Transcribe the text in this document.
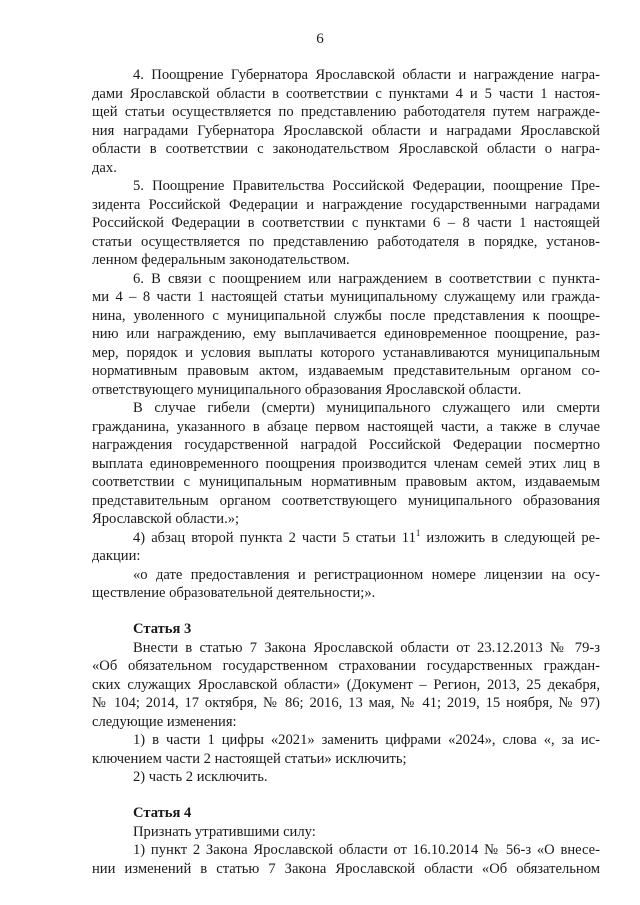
6
4. Поощрение Губернатора Ярославской области и награждение награ-
дами Ярославской области в соответствии с пунктами 4 и 5 части 1 настоя-
щей статьи осуществляется по представлению работодателя путем награжде-
ния наградами Губернатора Ярославской области и наградами Ярославской
области в соответствии с законодательством Ярославской области о награ-
дах.
5. Поощрение Правительства Российской Федерации, поощрение Пре-
зидента Российской Федерации и награждение государственными наградами
Российской Федерации в соответствии с пунктами 6 – 8 части 1 настоящей
статьи осуществляется по представлению работодателя в порядке, установ-
ленном федеральным законодательством.
6. В связи с поощрением или награждением в соответствии с пункта-
ми 4 – 8 части 1 настоящей статьи муниципальному служащему или гражда-
нина, уволенного с муниципальной службы после представления к поощре-
нию или награждению, ему выплачивается единовременное поощрение, раз-
мер, порядок и условия выплаты которого устанавливаются муниципальным
нормативным правовым актом, издаваемым представительным органом со-
ответствующего муниципального образования Ярославской области.
В случае гибели (смерти) муниципального служащего или смерти
гражданина, указанного в абзаце первом настоящей части, а также в случае
награждения государственной наградой Российской Федерации посмертно
выплата единовременного поощрения производится членам семей этих лиц в
соответствии с муниципальным нормативным правовым актом, издаваемым
представительным органом соответствующего муниципального образования
Ярославской области.»;
4) абзац второй пункта 2 части 5 статьи $11^1$ изложить в следующей ре-
дакции:
«о дате предоставления и регистрационном номере лицензии на осу-
ществление образовательной деятельности;».
Статья 3
Внести в статью 7 Закона Ярославской области от 23.12.2013 № 79-з
«Об обязательном государственном страховании государственных граждан-
ских служащих Ярославской области» (Документ – Регион, 2013, 25 декабря,
№ 104; 2014, 17 октября, № 86; 2016, 13 мая, № 41; 2019, 15 ноября, № 97)
следующие изменения:
1) в части 1 цифры «2021» заменить цифрами «2024», слова «, за ис-
ключением части 2 настоящей статьи» исключить;
2) часть 2 исключить.
Статья 4
Признать утратившими силу:
1) пункт 2 Закона Ярославской области от 16.10.2014 № 56-з «О внесе-
нии изменений в статью 7 Закона Ярославской области «Об обязательном
